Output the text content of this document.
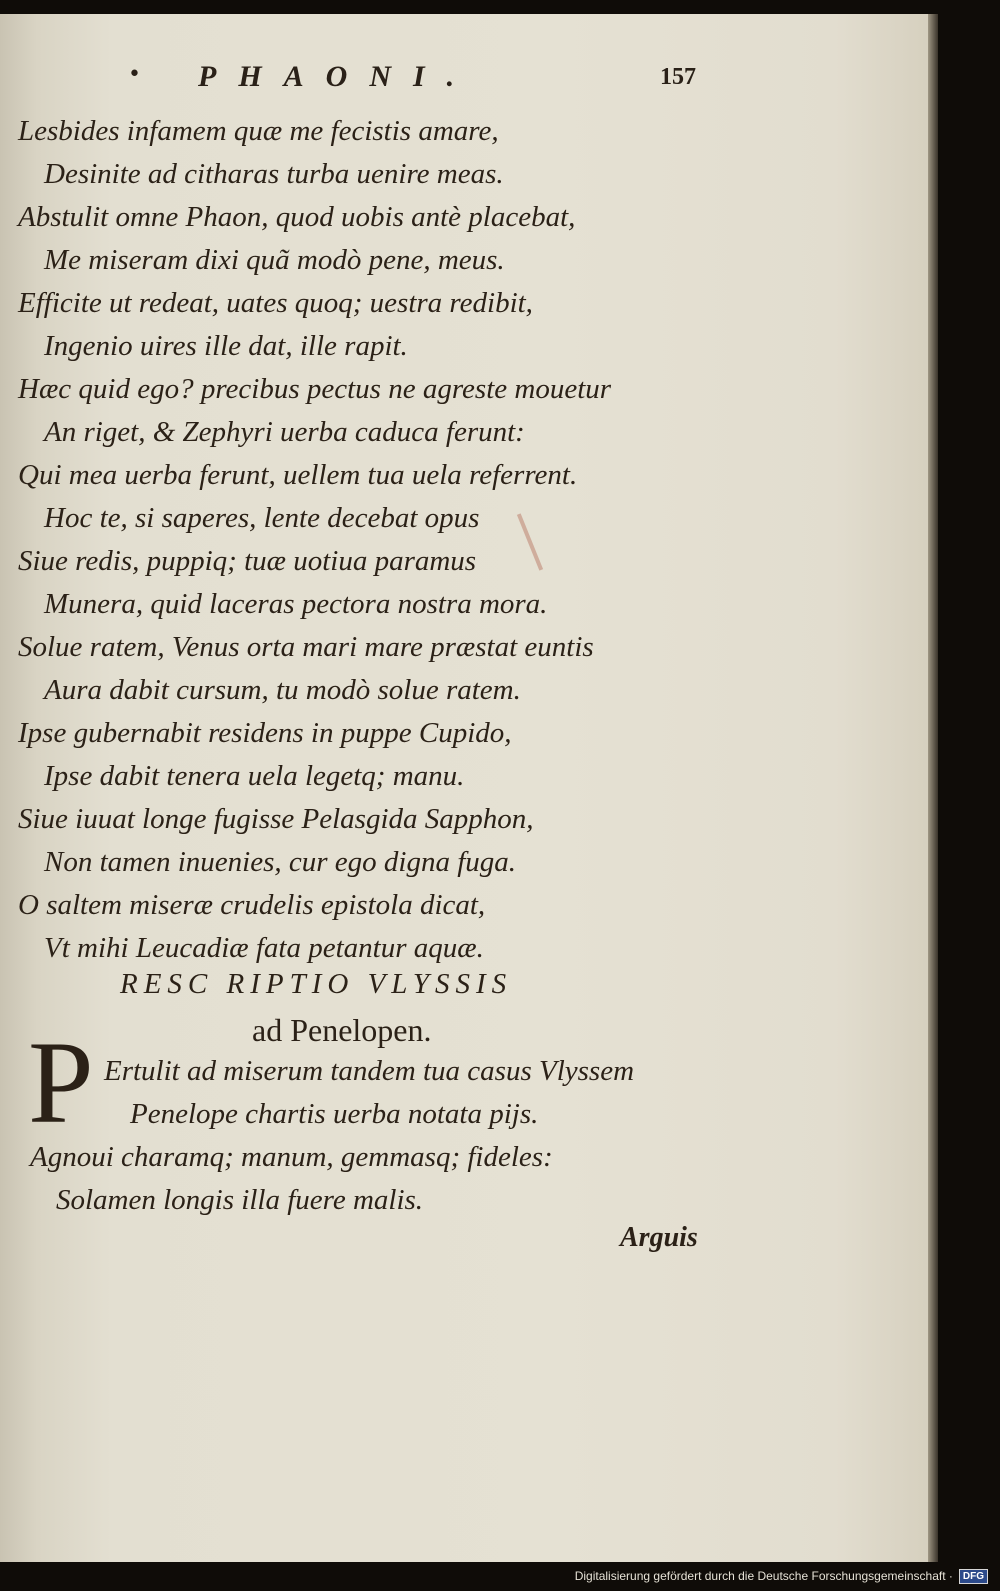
• PHAONI.	157
Lesbides infamem quæ me fecistis amare,
Desinite ad citharas turba uenire meas.
Abstulit omne Phaon, quod uobis antè placebat,
Me miseram dixi quã modò pene, meus.
Efficite ut redeat, uates quoq; uestra redibit,
Ingenio uires ille dat, ille rapit.
Hæc quid ego? precibus pectus ne agreste mouetur
An riget, & Zephyri uerba caduca ferunt:
Qui mea uerba ferunt, uellem tua uela referrent.
Hoc te, si saperes, lente decebat opus
Siue redis, puppiq; tuæ uotiua paramus
Munera, quid laceras pectora nostra mora.
Solue ratem, Venus orta mari mare præstat euntis
Aura dabit cursum, tu modò solue ratem.
Ipse gubernabit residens in puppe Cupido,
Ipse dabit tenera uela legetq; manu.
Siue iuuat longe fugisse Pelasgida Sapphon,
Non tamen inuenies, cur ego digna fuga.
O saltem miseræ crudelis epistola dicat,
Vt mihi Leucadiæ fata petantur aquæ.
RESC RIPTIO VLYSSIS
ad Penelopen.
P Ertulit ad miserum tandem tua casus Vlyssem
Penelope chartis uerba notata pijs.
Agnoui charamq; manum, gemmasq; fideles:
Solamen longis illa fuere malis.
Arguis
Digitalisierung gefördert durch die Deutsche Forschungsgemeinschaft ·	DFG
